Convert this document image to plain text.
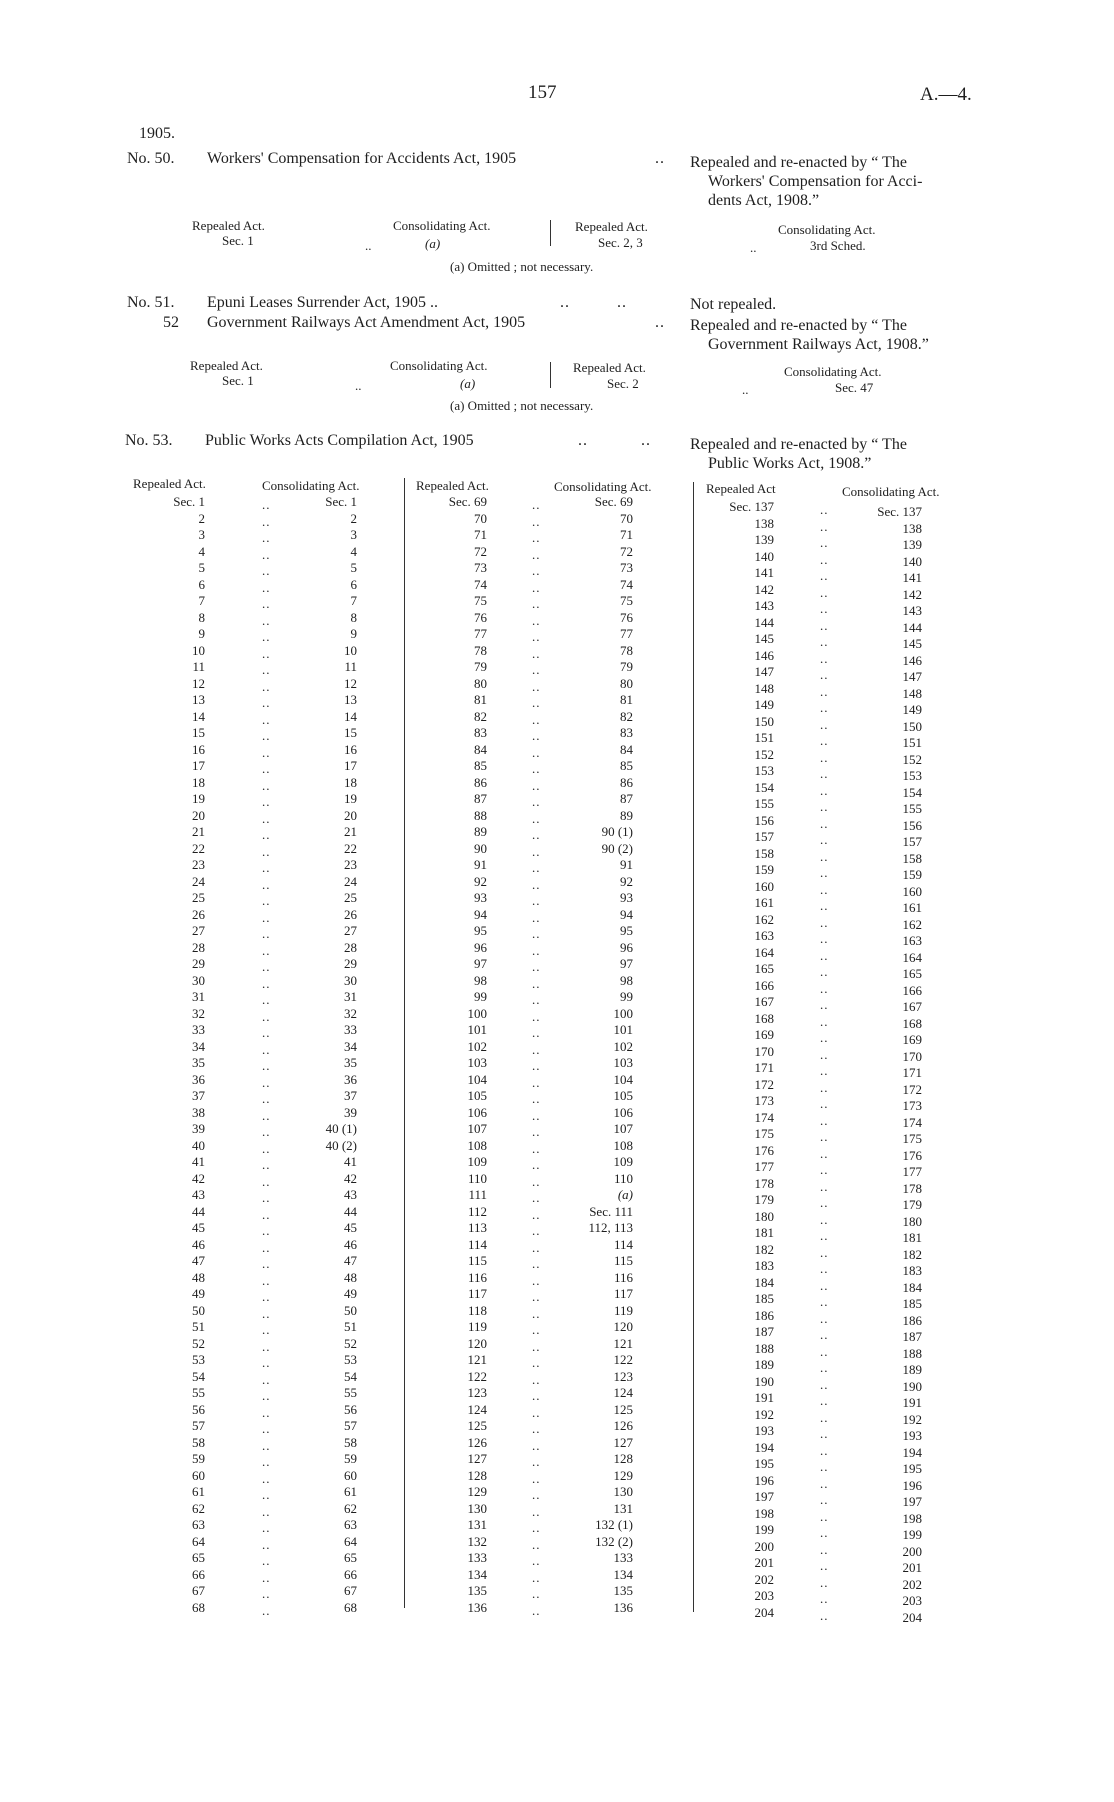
157	A.—4.
1905.
No. 50. Workers' Compensation for Accidents Act, 1905	.. Repealed and re-enacted by “ The
Workers' Compensation for Acci-
dents Act, 1908.”
Repealed Act.	Consolidating Act.	Repealed Act.	Consolidating Act.
Sec. 1	..	(a)	Sec. 2, 3	..	3rd Sched.
(a) Omitted ; not necessary.
No. 51. Epuni Leases Surrender Act, 1905 ..	.. ..	Not repealed.
52 Government Railways Act Amendment Act, 1905	.. Repealed and re-enacted by “ The
Government Railways Act, 1908.”
Repealed Act.	Consolidating Act.	Repealed Act.	Consolidating Act.
Sec. 1	..	(a)	Sec. 2	..	Sec. 47
(a) Omitted ; not necessary.
No. 53. Public Works Acts Compilation Act, 1905	.. .. Repealed and re-enacted by “ The
Public Works Act, 1908.”
Repealed Act.	Consolidating Act.	Repealed Act.	Consolidating Act.	Repealed Act	Consolidating Act.
Sec. 1	..	Sec. 1
2	..	2
3	..	3
4	..	4
5	..	5
6	..	6
7	..	7
8	..	8
9	..	9
10	..	10
11	..	11
12	..	12
13	..	13
14	..	14
15	..	15
16	..	16
17	..	17
18	..	18
19	..	19
20	..	20
21	..	21
22	..	22
23	..	23
24	..	24
25	..	25
26	..	26
27	..	27
28	..	28
29	..	29
30	..	30
31	..	31
32	..	32
33	..	33
34	..	34
35	..	35
36	..	36
37	..	37
38	..	39
39	..	40 (1)
40	..	40 (2)
41	..	41
42	..	42
43	..	43
44	..	44
45	..	45
46	..	46
47	..	47
48	..	48
49	..	49
50	..	50
51	..	51
52	..	52
53	..	53
54	..	54
55	..	55
56	..	56
57	..	57
58	..	58
59	..	59
60	..	60
61	..	61
62	..	62
63	..	63
64	..	64
65	..	65
66	..	66
67	..	67
68	..	68
Sec. 69	..	Sec. 69
70	..	70
71	..	71
72	..	72
73	..	73
74	..	74
75	..	75
76	..	76
77	..	77
78	..	78
79	..	79
80	..	80
81	..	81
82	..	82
83	..	83
84	..	84
85	..	85
86	..	86
87	..	87
88	..	89
89	..	90 (1)
90	..	90 (2)
91	..	91
92	..	92
93	..	93
94	..	94
95	..	95
96	..	96
97	..	97
98	..	98
99	..	99
100	..	100
101	..	101
102	..	102
103	..	103
104	..	104
105	..	105
106	..	106
107	..	107
108	..	108
109	..	109
110	..	110
111	..	(a)
112	..	Sec. 111
113	..	112, 113
114	..	114
115	..	115
116	..	116
117	..	117
118	..	119
119	..	120
120	..	121
121	..	122
122	..	123
123	..	124
124	..	125
125	..	126
126	..	127
127	..	128
128	..	129
129	..	130
130	..	131
131	..	132 (1)
132	..	132 (2)
133	..	133
134	..	134
135	..	135
136	..	136
Sec. 137	..	Sec. 137
138	..	138
139	..	139
140	..	140
141	..	141
142	..	142
143	..	143
144	..	144
145	..	145
146	..	146
147	..	147
148	..	148
149	..	149
150	..	150
151	..	151
152	..	152
153	..	153
154	..	154
155	..	155
156	..	156
157	..	157
158	..	158
159	..	159
160	..	160
161	..	161
162	..	162
163	..	163
164	..	164
165	..	165
166	..	166
167	..	167
168	..	168
169	..	169
170	..	170
171	..	171
172	..	172
173	..	173
174	..	174
175	..	175
176	..	176
177	..	177
178	..	178
179	..	179
180	..	180
181	..	181
182	..	182
183	..	183
184	..	184
185	..	185
186	..	186
187	..	187
188	..	188
189	..	189
190	..	190
191	..	191
192	..	192
193	..	193
194	..	194
195	..	195
196	..	196
197	..	197
198	..	198
199	..	199
200	..	200
201	..	201
202	..	202
203	..	203
204	..	204
